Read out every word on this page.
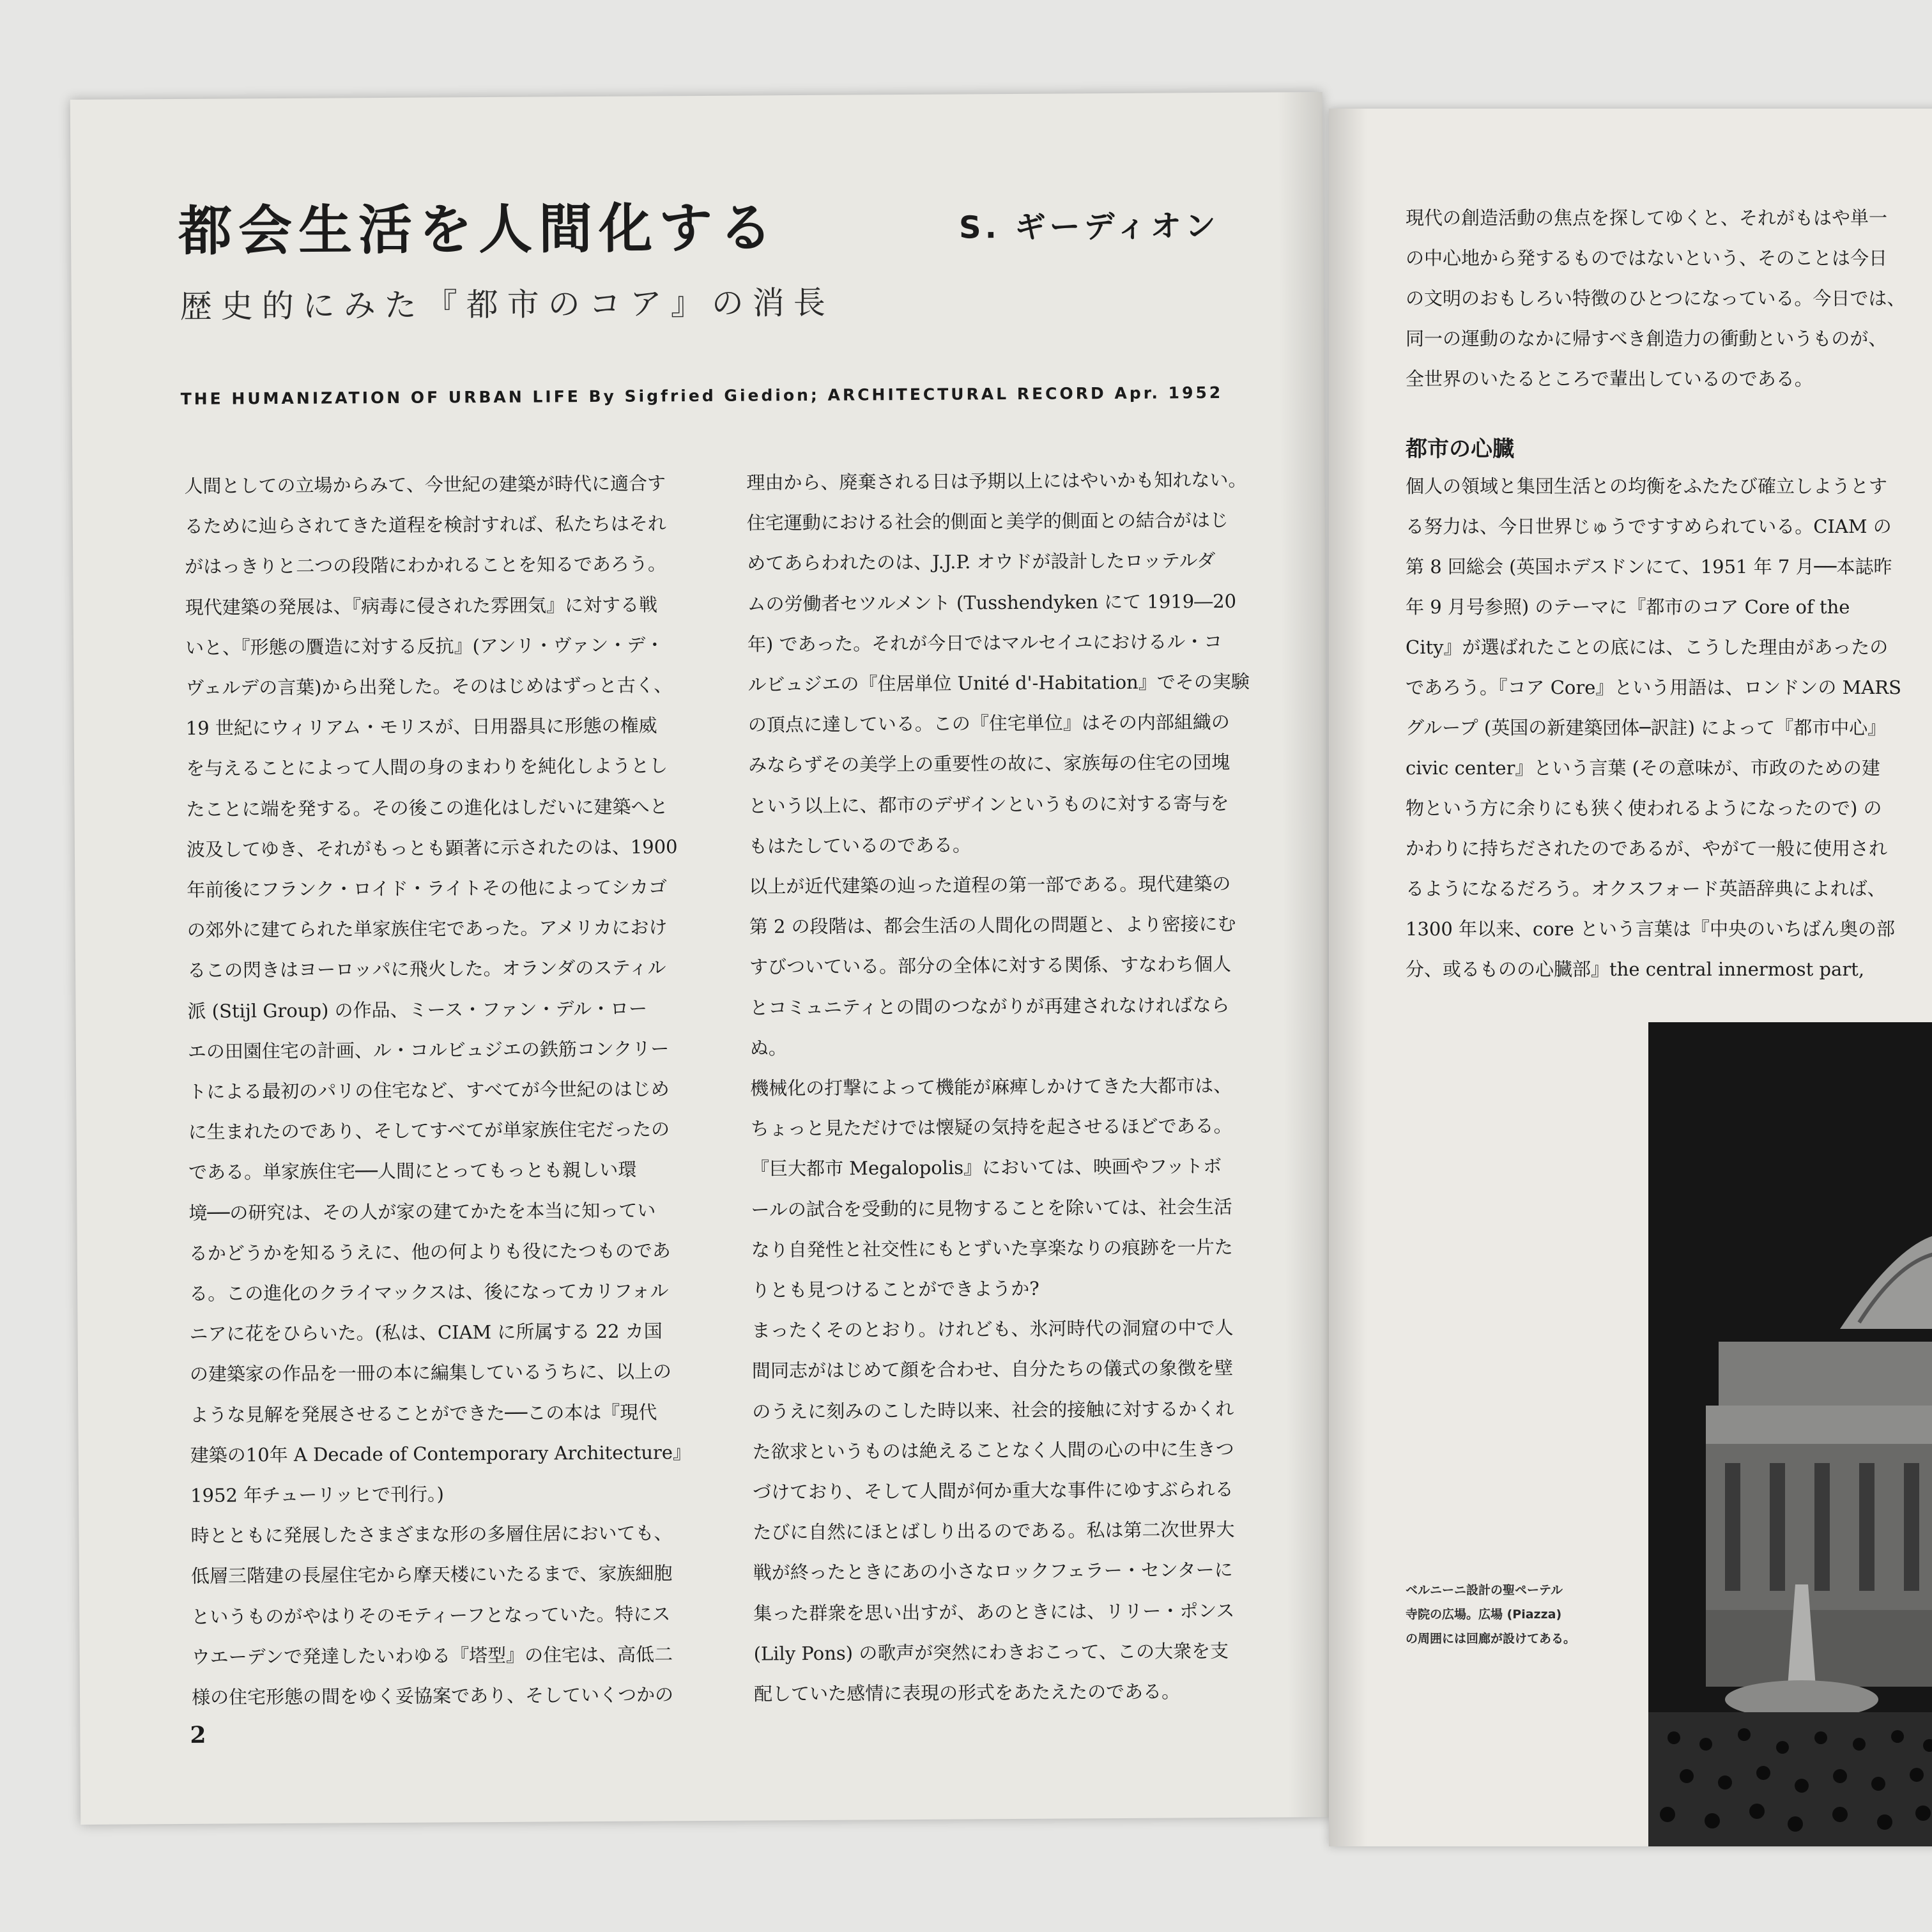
都会生活を人間化する	S. ギーディオン
歴史的にみた『都市のコア』の消長
THE HUMANIZATION OF URBAN LIFE By Sigfried Giedion; ARCHITECTURAL RECORD Apr. 1952

人間としての立場からみて、今世紀の建築が時代に適合す

るために辿らされてきた道程を検討すれば、私たちはそれ

がはっきりと二つの段階にわかれることを知るであろう。

現代建築の発展は、『病毒に侵された雰囲気』に対する戦

いと、『形態の贋造に対する反抗』(アンリ・ヴァン・デ・

ヴェルデの言葉)から出発した。そのはじめはずっと古く、

19 世紀にウィリアム・モリスが、日用器具に形態の権威

を与えることによって人間の身のまわりを純化しようとし

たことに端を発する。その後この進化はしだいに建築へと

波及してゆき、それがもっとも顕著に示されたのは、1900

年前後にフランク・ロイド・ライトその他によってシカゴ

の郊外に建てられた単家族住宅であった。アメリカにおけ

るこの閃きはヨーロッパに飛火した。オランダのスティル

派 (Stijl Group) の作品、ミース・ファン・デル・ロー

エの田園住宅の計画、ル・コルビュジエの鉄筋コンクリー

トによる最初のパリの住宅など、すべてが今世紀のはじめ

に生まれたのであり、そしてすべてが単家族住宅だったの

である。単家族住宅──人間にとってもっとも親しい環

境──の研究は、その人が家の建てかたを本当に知ってい

るかどうかを知るうえに、他の何よりも役にたつものであ

る。この進化のクライマックスは、後になってカリフォル

ニアに花をひらいた。(私は、CIAM に所属する 22 カ国

の建築家の作品を一冊の本に編集しているうちに、以上の

ような見解を発展させることができた──この本は『現代

建築の10年 A Decade of Contemporary Architecture』

1952 年チューリッヒで刊行。)

時とともに発展したさまざまな形の多層住居においても、

低層三階建の長屋住宅から摩天楼にいたるまで、家族細胞

というものがやはりそのモティーフとなっていた。特にス

ウエーデンで発達したいわゆる『塔型』の住宅は、高低二

様の住宅形態の間をゆく妥協案であり、そしていくつかの

理由から、廃棄される日は予期以上にはやいかも知れない。

住宅運動における社会的側面と美学的側面との結合がはじ

めてあらわれたのは、J.J.P. オウドが設計したロッテルダ

ムの労働者セツルメント (Tusshendyken にて 1919―20

年) であった。それが今日ではマルセイユにおけるル・コ

ルビュジエの『住居単位 Unité d'-Habitation』でその実験

の頂点に達している。この『住宅単位』はその内部組織の

みならずその美学上の重要性の故に、家族毎の住宅の団塊

という以上に、都市のデザインというものに対する寄与を

もはたしているのである。

以上が近代建築の辿った道程の第一部である。現代建築の

第 2 の段階は、都会生活の人間化の問題と、より密接にむ

すびついている。部分の全体に対する関係、すなわち個人

とコミュニティとの間のつながりが再建されなければなら

ぬ。

機械化の打撃によって機能が麻痺しかけてきた大都市は、

ちょっと見ただけでは懐疑の気持を起させるほどである。

『巨大都市 Megalopolis』においては、映画やフットボ

ールの試合を受動的に見物することを除いては、社会生活

なり自発性と社交性にもとずいた享楽なりの痕跡を一片た

りとも見つけることができようか?

まったくそのとおり。けれども、氷河時代の洞窟の中で人

間同志がはじめて顔を合わせ、自分たちの儀式の象徴を壁

のうえに刻みのこした時以来、社会的接触に対するかくれ

た欲求というものは絶えることなく人間の心の中に生きつ

づけており、そして人間が何か重大な事件にゆすぶられる

たびに自然にほとばしり出るのである。私は第二次世界大

戦が終ったときにあの小さなロックフェラー・センターに

集った群衆を思い出すが、あのときには、リリー・ポンス

(Lily Pons) の歌声が突然にわきおこって、この大衆を支

配していた感情に表現の形式をあたえたのである。

2

現代の創造活動の焦点を探してゆくと、それがもはや単一

の中心地から発するものではないという、そのことは今日

の文明のおもしろい特徴のひとつになっている。今日では、

同一の運動のなかに帰すべき創造力の衝動というものが、

全世界のいたるところで輩出しているのである。

都市の心臓

個人の領域と集団生活との均衡をふたたび確立しようとす

る努力は、今日世界じゅうですすめられている。CIAM の

第 8 回総会 (英国ホデスドンにて、1951 年 7 月──本誌昨

年 9 月号参照) のテーマに『都市のコア Core of the

City』が選ばれたことの底には、こうした理由があったの

であろう。『コア Core』という用語は、ロンドンの MARS

グループ (英国の新建築団体─訳註) によって『都市中心』

civic center』という言葉 (その意味が、市政のための建

物という方に余りにも狭く使われるようになったので) の

かわりに持ちだされたのであるが、やがて一般に使用され

るようになるだろう。オクスフォード英語辞典によれば、

1300 年以来、core という言葉は『中央のいちばん奥の部

分、或るものの心臓部』the central innermost part,

ベルニーニ設計の聖ペーテル

寺院の広場。広場 (Piazza)

の周囲には回廊が設けてある。
